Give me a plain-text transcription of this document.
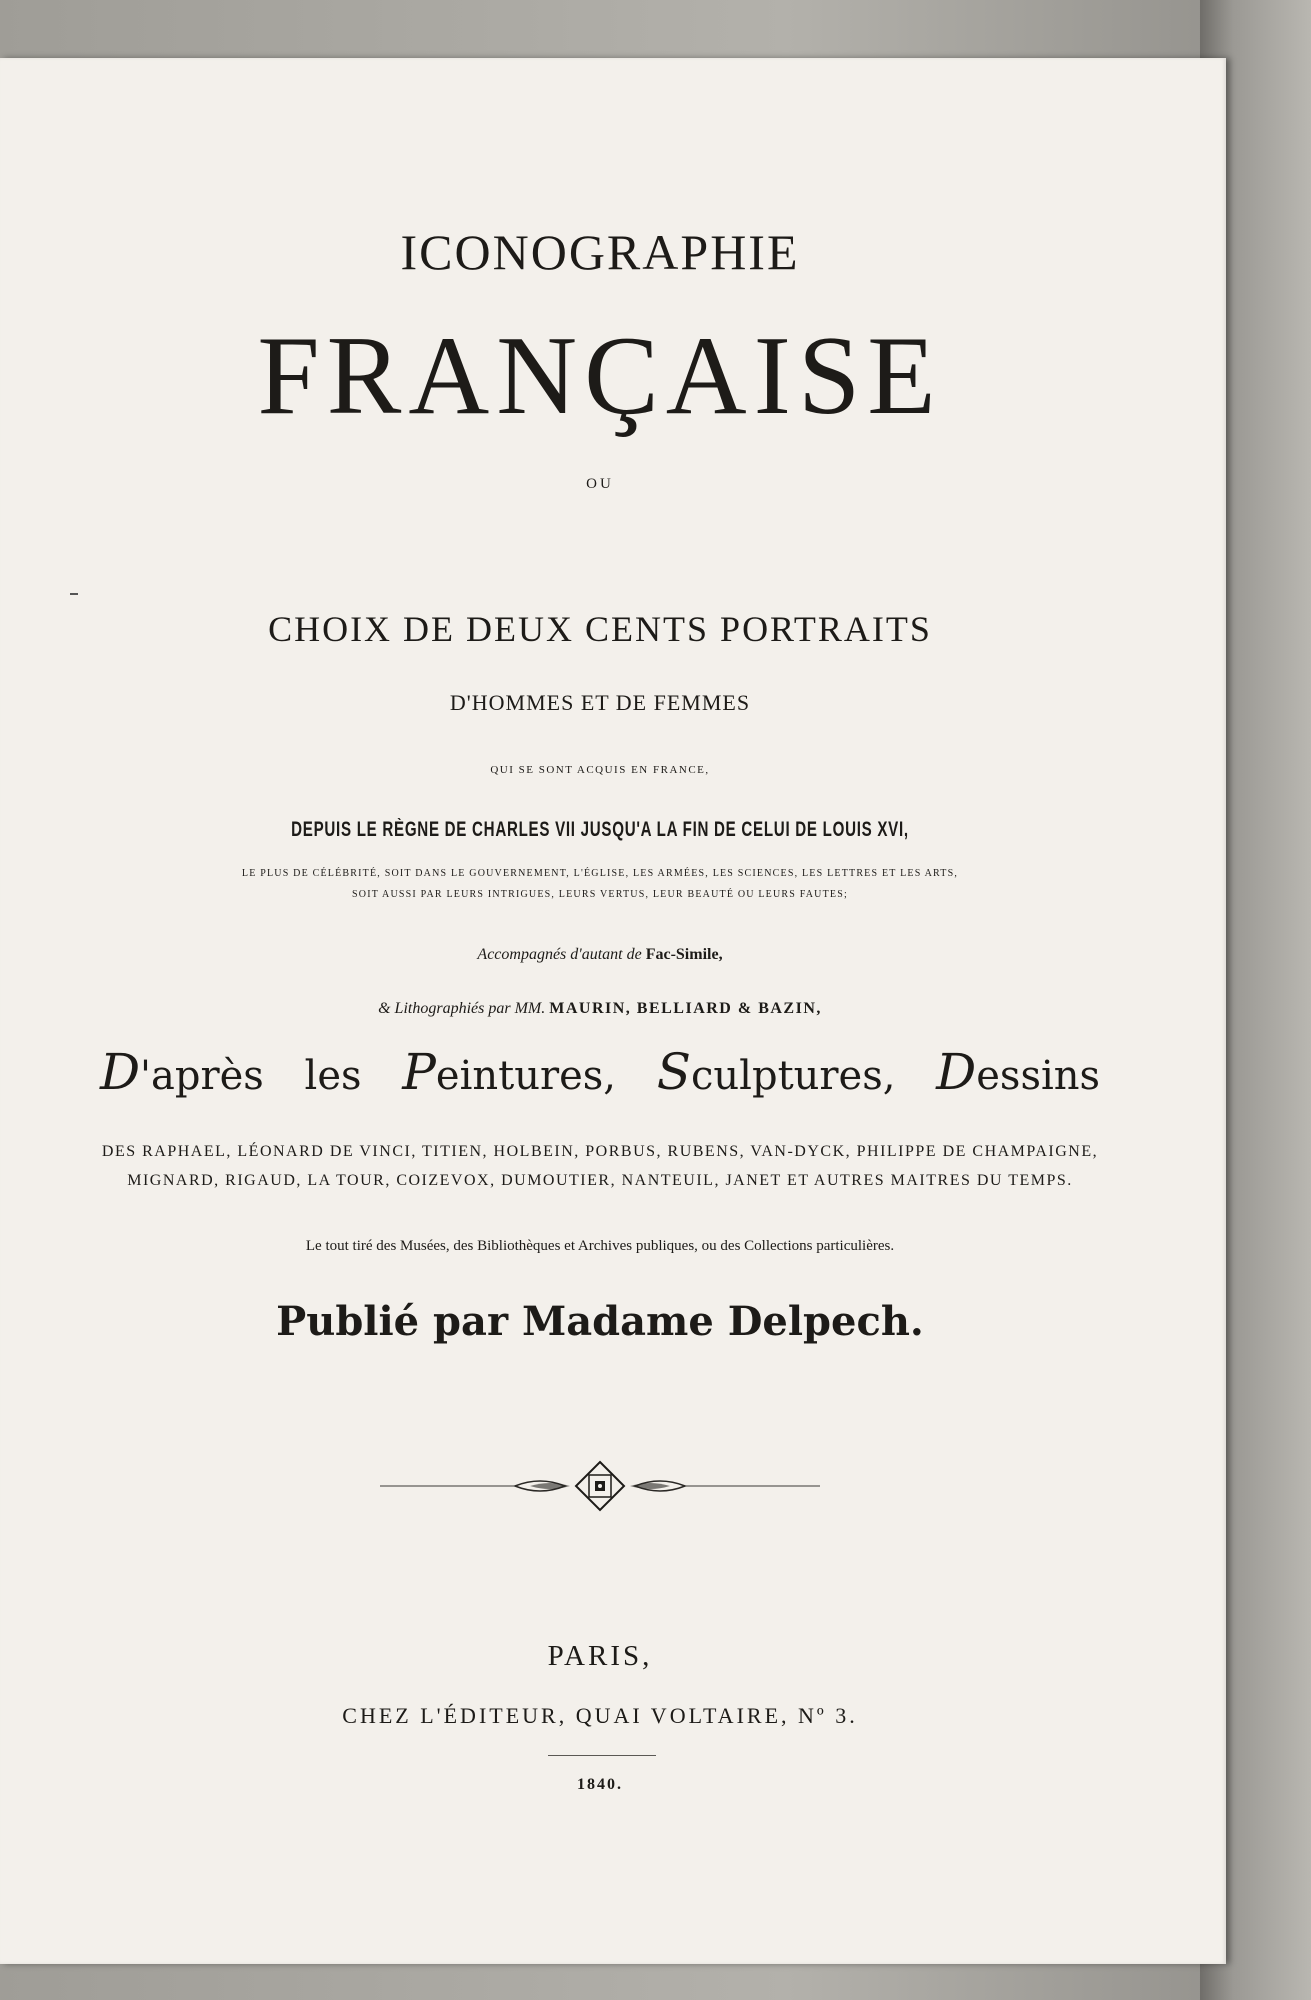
ICONOGRAPHIE
FRANÇAISE
OU
CHOIX DE DEUX CENTS PORTRAITS
D'HOMMES ET DE FEMMES
QUI SE SONT ACQUIS EN FRANCE,
DEPUIS LE RÈGNE DE CHARLES VII JUSQU'A LA FIN DE CELUI DE LOUIS XVI,
LE PLUS DE CÉLÉBRITÉ, SOIT DANS LE GOUVERNEMENT, L'ÉGLISE, LES ARMÉES, LES SCIENCES, LES LETTRES ET LES ARTS,
SOIT AUSSI PAR LEURS INTRIGUES, LEURS VERTUS, LEUR BEAUTÉ OU LEURS FAUTES;
Accompagnés d'autant de Fac-Simile,
& Lithographiés par MM. MAURIN, BELLIARD & BAZIN,
D'après les Peintures, Sculptures, Dessins
DES RAPHAEL, LÉONARD DE VINCI, TITIEN, HOLBEIN, PORBUS, RUBENS, VAN-DYCK, PHILIPPE DE CHAMPAIGNE,
MIGNARD, RIGAUD, LA TOUR, COIZEVOX, DUMOUTIER, NANTEUIL, JANET ET AUTRES MAITRES DU TEMPS.
Le tout tiré des Musées, des Bibliothèques et Archives publiques, ou des Collections particulières.
Publié par Madame Delpech.
PARIS,
CHEZ L'ÉDITEUR, QUAI VOLTAIRE, Nº 3.
1840.
